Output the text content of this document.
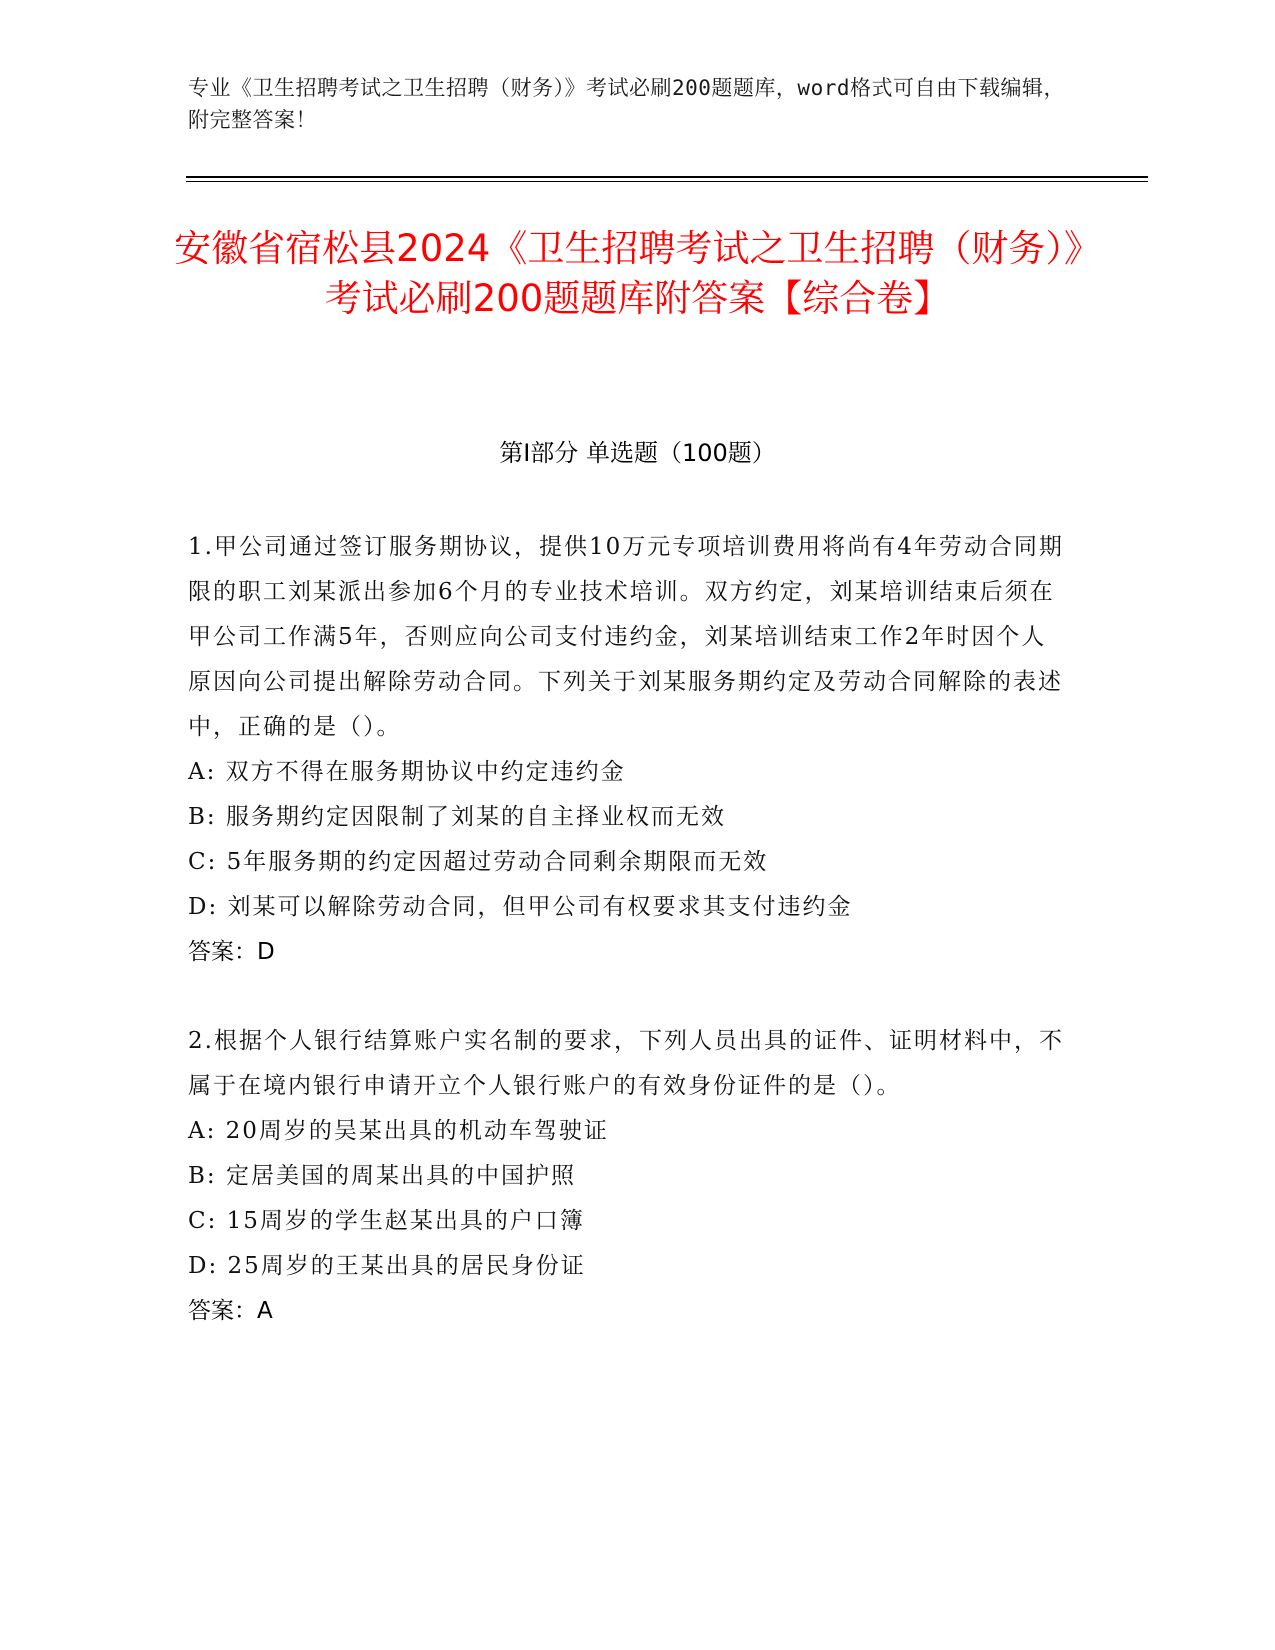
专业《卫生招聘考试之卫生招聘（财务）》考试必刷200题题库，word格式可自由下载编辑，附完整答案！
安徽省宿松县2024《卫生招聘考试之卫生招聘（财务）》考试必刷200题题库附答案【综合卷】
第I部分 单选题（100题）

1.甲公司通过签订服务期协议，提供10万元专项培训费用将尚有4年劳动合同期限的职工刘某派出参加6个月的专业技术培训。双方约定，刘某培训结束后须在甲公司工作满5年，否则应向公司支付违约金，刘某培训结束工作2年时因个人原因向公司提出解除劳动合同。下列关于刘某服务期约定及劳动合同解除的表述中，正确的是（）。

A: 双方不得在服务期协议中约定违约金

B: 服务期约定因限制了刘某的自主择业权而无效

C: 5年服务期的约定因超过劳动合同剩余期限而无效

D: 刘某可以解除劳动合同，但甲公司有权要求其支付违约金

答案：D

2.根据个人银行结算账户实名制的要求，下列人员出具的证件、证明材料中，不属于在境内银行申请开立个人银行账户的有效身份证件的是（）。

A: 20周岁的吴某出具的机动车驾驶证

B: 定居美国的周某出具的中国护照

C: 15周岁的学生赵某出具的户口簿

D: 25周岁的王某出具的居民身份证

答案：A
